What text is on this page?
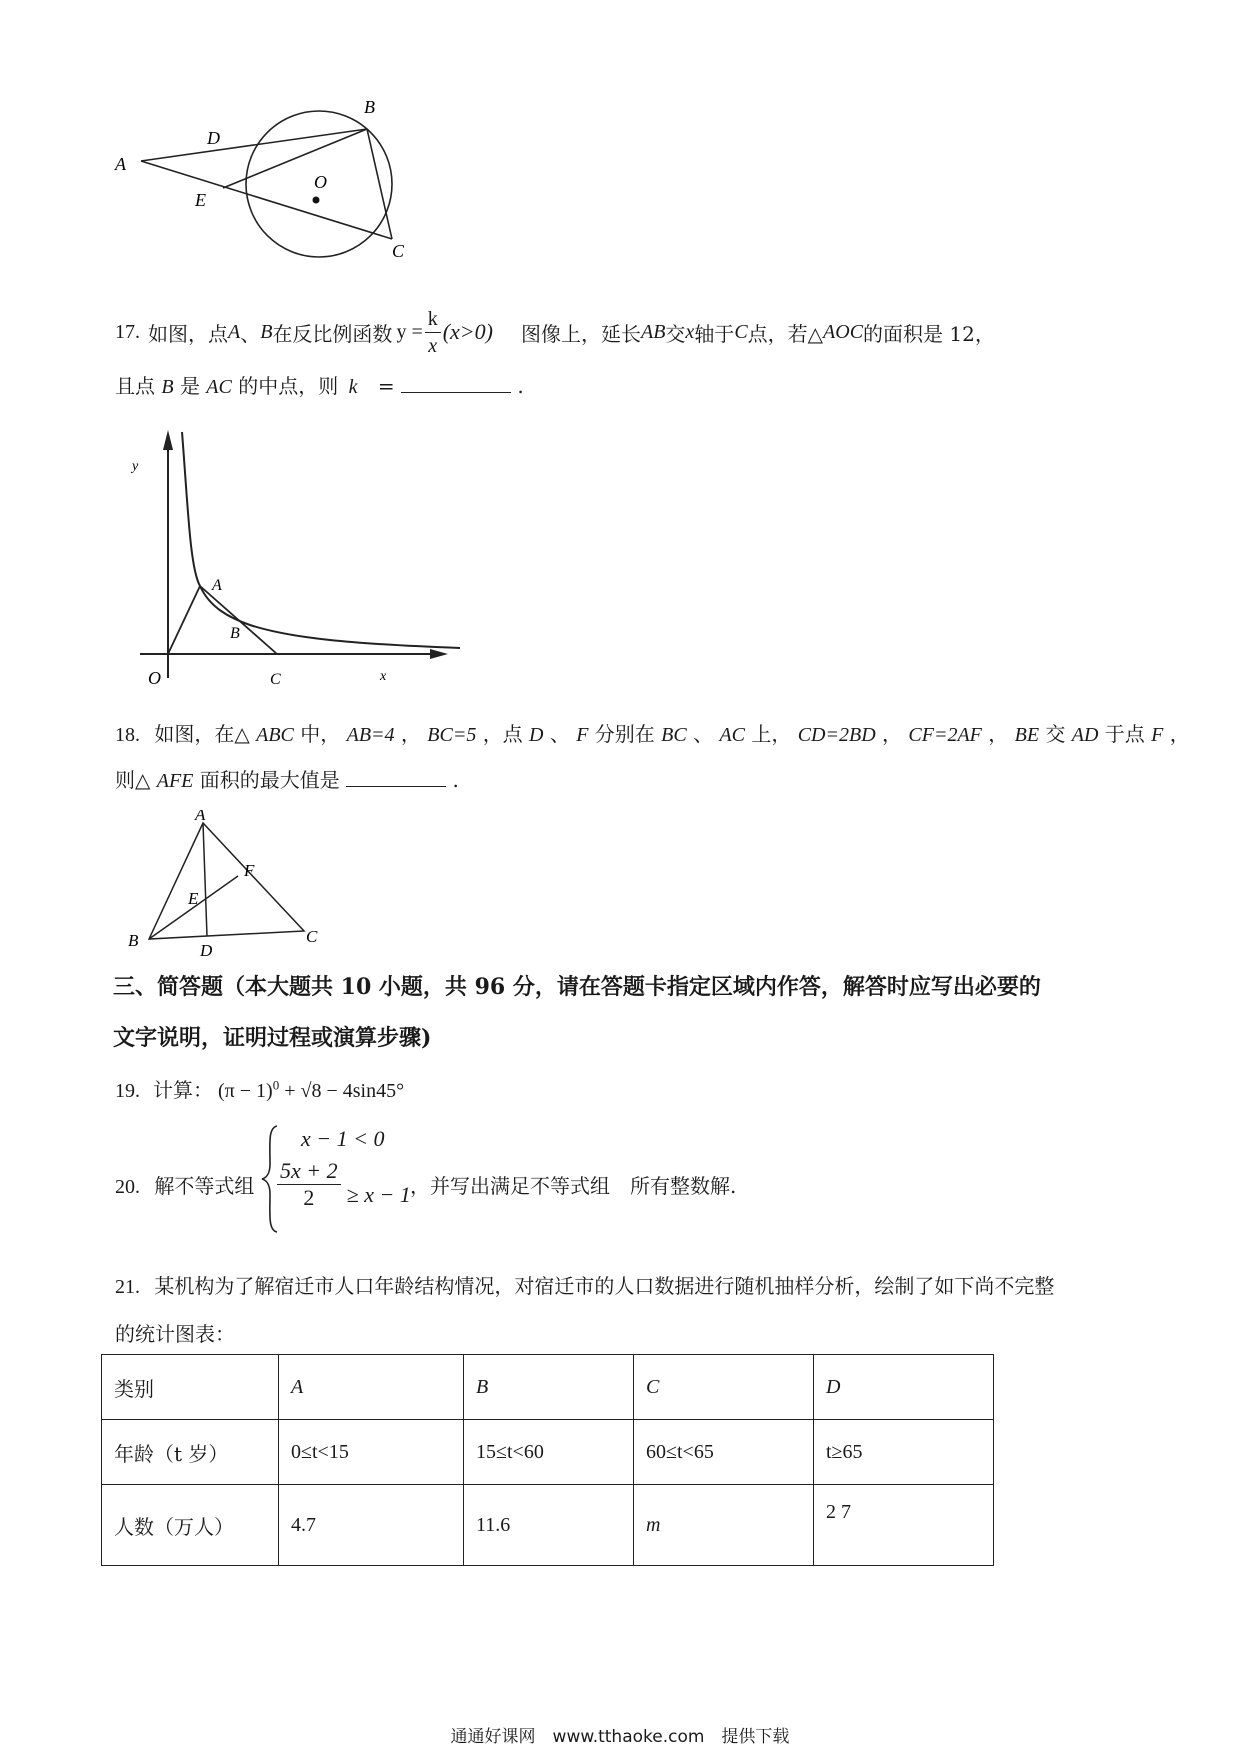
A
B
C
D
E
O
17. 如图，点 A 、 B 在反比例函数 $y = \frac{k}{x} (x>0)$ 图像上，延长 AB 交 x 轴于 C 点，若△ AOC 的面积是 12，
且点 B 是 AC 的中点，则 k =	.
y
x
O
A
B
C
18. 如图，在△ ABC 中， AB=4 ， BC=5 ，点 D 、 F 分别在 BC 、 AC 上， CD=2BD ， CF=2AF ， BE 交 AD 于点 F ，
则△ AFE 面积的最大值是	.
A
B	C
D
E
F
三、简答题（本大题共 10 小题，共 96 分，请在答题卡指定区域内作答，解答时应写出必要的
文字说明，证明过程或演算步骤)
19. 计算： $(\pi - 1)^0 + √8 - 4\sin 45^\circ$
20. 解不等式组
x − 1 < 0
$\frac{5x + 2}{2} \ge x - 1$ ，并写出满足不等式组　所有整数解.
21. 某机构为了解宿迁市人口年龄结构情况，对宿迁市的人口数据进行随机抽样分析，绘制了如下尚不完整
的统计图表：
类别	A	B	C	D
年龄（t 岁）	0≤t<15	15≤t<60	60≤t<65	t≥65
人数（万人）	4.7	11.6	m	2 7
通通好课网　www.tthaoke.com　提供下载
